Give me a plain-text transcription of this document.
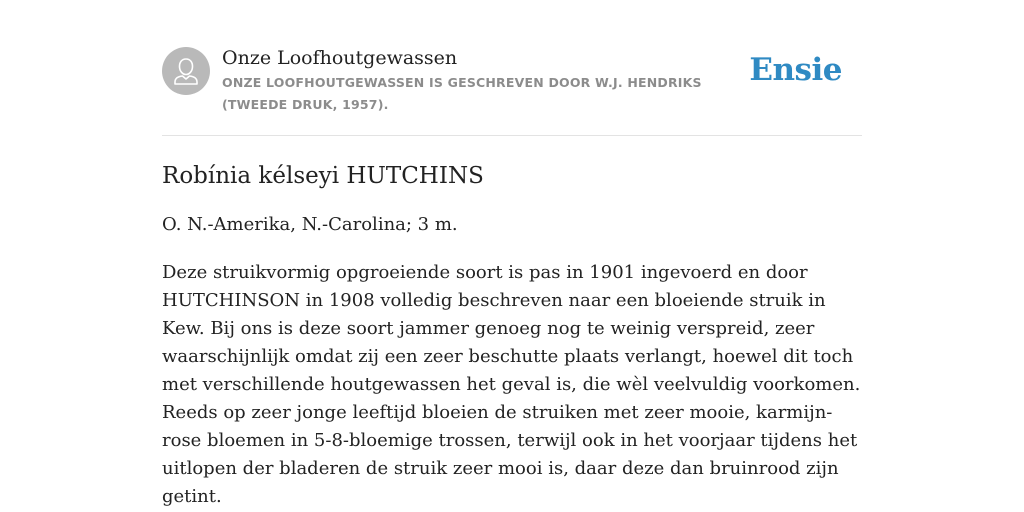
Onze Loofhoutgewassen
ONZE LOOFHOUTGEWASSEN IS GESCHREVEN DOOR W.J. HENDRIKS (TWEEDE DRUK, 1957).
Ensie
Robínia kélseyi HUTCHINS

O. N.-Amerika, N.-Carolina; 3 m.

Deze struikvormig opgroeiende soort is pas in 1901 ingevoerd en door HUTCHINSON in 1908 volledig beschreven naar een bloeiende struik in Kew. Bij ons is deze soort jammer genoeg nog te weinig verspreid, zeer waarschijnlijk omdat zij een zeer beschutte plaats verlangt, hoewel dit toch met verschillende houtgewassen het geval is, die wèl veelvuldig voorkomen. Reeds op zeer jonge leeftijd bloeien de struiken met zeer mooie, karmijn-rose bloemen in 5-8-bloemige trossen, terwijl ook in het voorjaar tijdens het uitlopen der bladeren de struik zeer mooi is, daar deze dan bruinrood zijn getint.
